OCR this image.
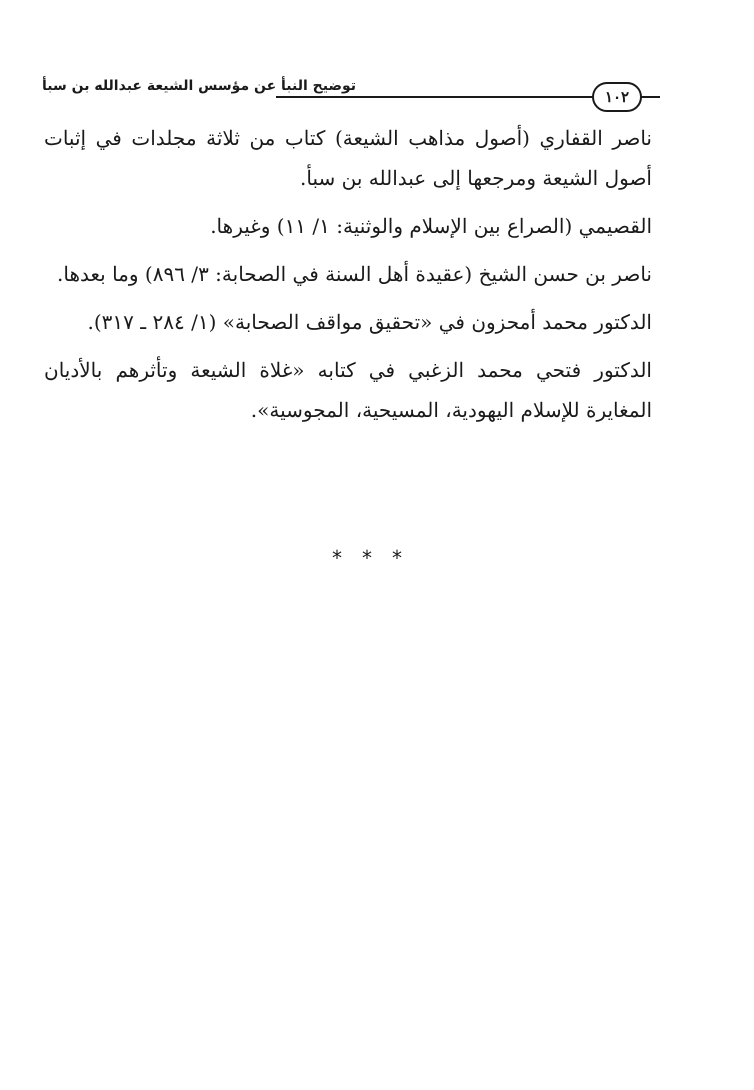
توضيح النبأ عن مؤسس الشيعة عبدالله بن سبأ
١٠٢

ناصر القفاري (أصول مذاهب الشيعة) كتاب من ثلاثة مجلدات في إثبات أصول الشيعة ومرجعها إلى عبدالله بن سبأ.

القصيمي (الصراع بين الإسلام والوثنية: ١/ ١١) وغيرها.

ناصر بن حسن الشيخ (عقيدة أهل السنة في الصحابة: ٣/ ٨٩٦) وما بعدها.

الدكتور محمد أمحزون في «تحقيق مواقف الصحابة» (١/ ٢٨٤ ـ ٣١٧).

الدكتور فتحي محمد الزغبي في كتابه «غلاة الشيعة وتأثرهم بالأديان المغايرة للإسلام اليهودية، المسيحية، المجوسية».

***
